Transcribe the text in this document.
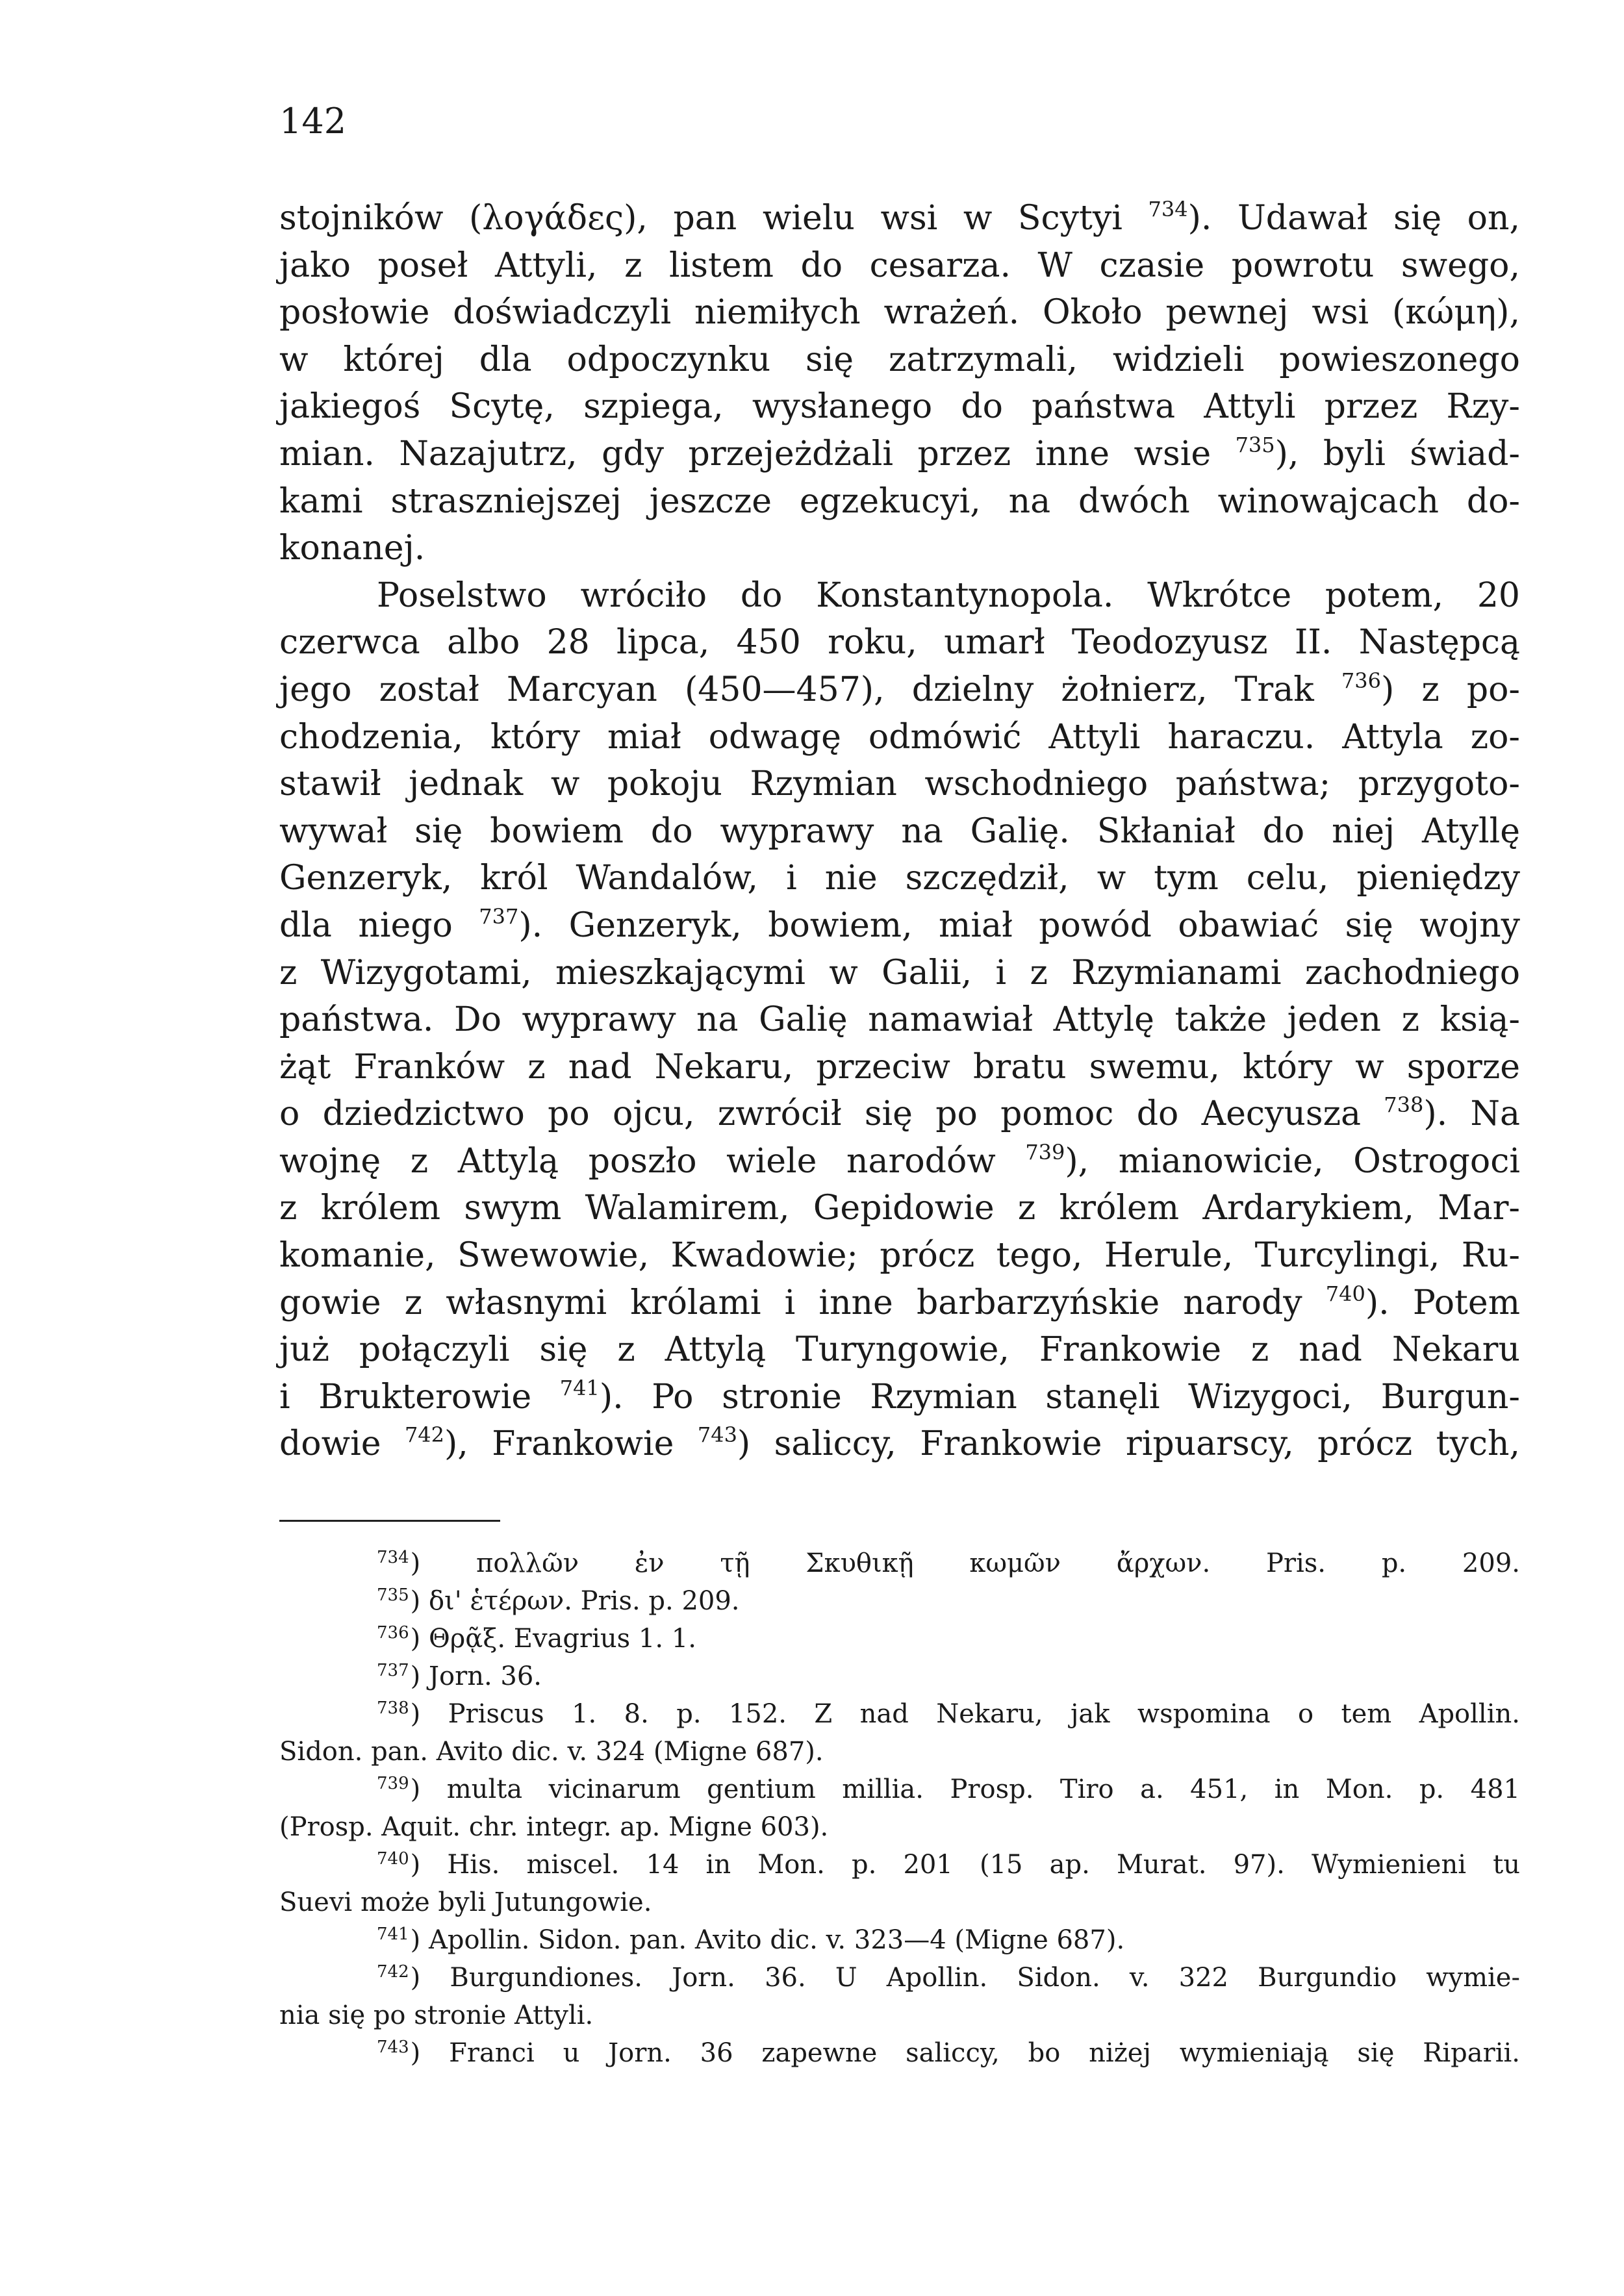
142
stojników (λογάδες), pan wielu wsi w Scytyi $^{734}$). Udawał się on,
jako poseł Attyli, z listem do cesarza. W czasie powrotu swego,
posłowie doświadczyli niemiłych wrażeń. Około pewnej wsi (κώμη),
w której dla odpoczynku się zatrzymali, widzieli powieszonego
jakiegoś Scytę, szpiega, wysłanego do państwa Attyli przez Rzy-
mian. Nazajutrz, gdy przejeżdżali przez inne wsie $^{735}$), byli świad-
kami straszniejszej jeszcze egzekucyi, na dwóch winowajcach do-
konanej.
Poselstwo wróciło do Konstantynopola. Wkrótce potem, 20
czerwca albo 28 lipca, 450 roku, umarł Teodozyusz II. Następcą
jego został Marcyan (450—457), dzielny żołnierz, Trak $^{736}$) z po-
chodzenia, który miał odwagę odmówić Attyli haraczu. Attyla zo-
stawił jednak w pokoju Rzymian wschodniego państwa; przygoto-
wywał się bowiem do wyprawy na Galię. Skłaniał do niej Atyllę
Genzeryk, król Wandalów, i nie szczędził, w tym celu, pieniędzy
dla niego $^{737}$). Genzeryk, bowiem, miał powód obawiać się wojny
z Wizygotami, mieszkającymi w Galii, i z Rzymianami zachodniego
państwa. Do wyprawy na Galię namawiał Attylę także jeden z ksią-
żąt Franków z nad Nekaru, przeciw bratu swemu, który w sporze
o dziedzictwo po ojcu, zwrócił się po pomoc do Aecyusza $^{738}$). Na
wojnę z Attylą poszło wiele narodów $^{739}$), mianowicie, Ostrogoci
z królem swym Walamirem, Gepidowie z królem Ardarykiem, Mar-
komanie, Swewowie, Kwadowie; prócz tego, Herule, Turcylingi, Ru-
gowie z własnymi królami i inne barbarzyńskie narody $^{740}$). Potem
już połączyli się z Attylą Turyngowie, Frankowie z nad Nekaru
i Brukterowie $^{741}$). Po stronie Rzymian stanęli Wizygoci, Burgun-
dowie $^{742}$), Frankowie $^{743}$) saliccy, Frankowie ripuarscy, prócz tych,
$^{734}$) πολλῶν ἐν τῇ Σκυθικῇ κωμῶν ἄρχων. Pris. p. 209.
$^{735}$) δι' ἑτέρων. Pris. p. 209.
$^{736}$) Θρᾷξ. Evagrius 1. 1.
$^{737}$) Jorn. 36.
$^{738}$) Priscus 1. 8. p. 152. Z nad Nekaru, jak wspomina o tem Apollin.
Sidon. pan. Avito dic. v. 324 (Migne 687).
$^{739}$) multa vicinarum gentium millia. Prosp. Tiro a. 451, in Mon. p. 481
(Prosp. Aquit. chr. integr. ap. Migne 603).
$^{740}$) His. miscel. 14 in Mon. p. 201 (15 ap. Murat. 97). Wymienieni tu
Suevi może byli Jutungowie.
$^{741}$) Apollin. Sidon. pan. Avito dic. v. 323—4 (Migne 687).
$^{742}$) Burgundiones. Jorn. 36. U Apollin. Sidon. v. 322 Burgundio wymie-
nia się po stronie Attyli.
$^{743}$) Franci u Jorn. 36 zapewne saliccy, bo niżej wymieniają się Riparii.
